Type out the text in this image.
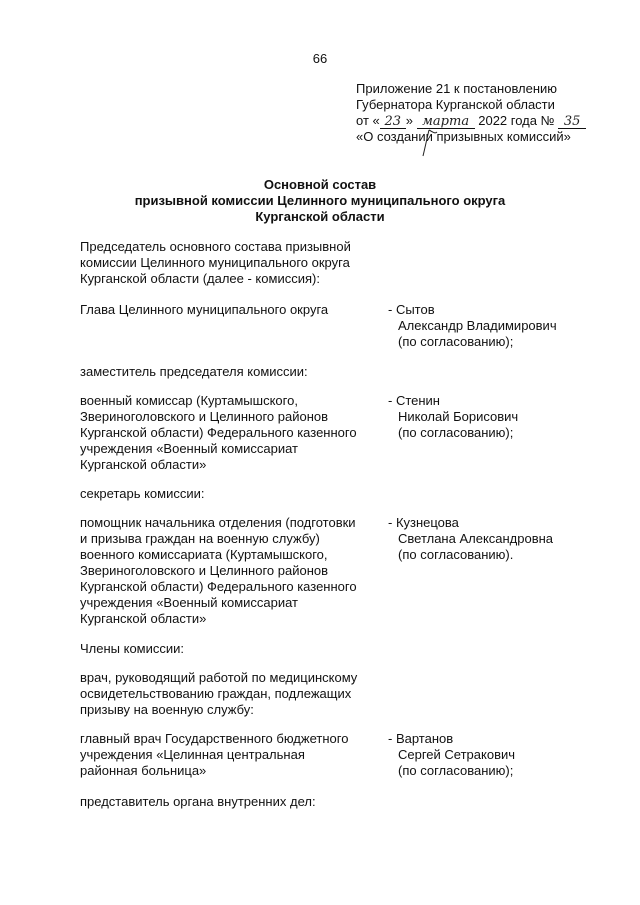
66
Приложение 21 к постановлению
Губернатора Курганской области
от « 23 » марта 2022 года № 35
«О создании призывных комиссий»
Основной состав
призывной комиссии Целинного муниципального округа
Курганской области
Председатель основного состава призывной
комиссии Целинного муниципального округа
Курганской области (далее - комиссия):
Глава Целинного муниципального округа	- Сытов
Александр Владимирович
(по согласованию);
заместитель председателя комиссии:
военный комиссар (Куртамышского,
Звериноголовского и Целинного районов
Курганской области) Федерального казенного
учреждения «Военный комиссариат
Курганской области»
- Стенин
Николай Борисович
(по согласованию);
секретарь комиссии:
помощник начальника отделения (подготовки
и призыва граждан на военную службу)
военного комиссариата (Куртамышского,
Звериноголовского и Целинного районов
Курганской области) Федерального казенного
учреждения «Военный комиссариат
Курганской области»
- Кузнецова
Светлана Александровна
(по согласованию).
Члены комиссии:
врач, руководящий работой по медицинскому
освидетельствованию граждан, подлежащих
призыву на военную службу:
главный врач Государственного бюджетного
учреждения «Целинная центральная
районная больница»
- Вартанов
Сергей Сетракович
(по согласованию);
представитель органа внутренних дел:
